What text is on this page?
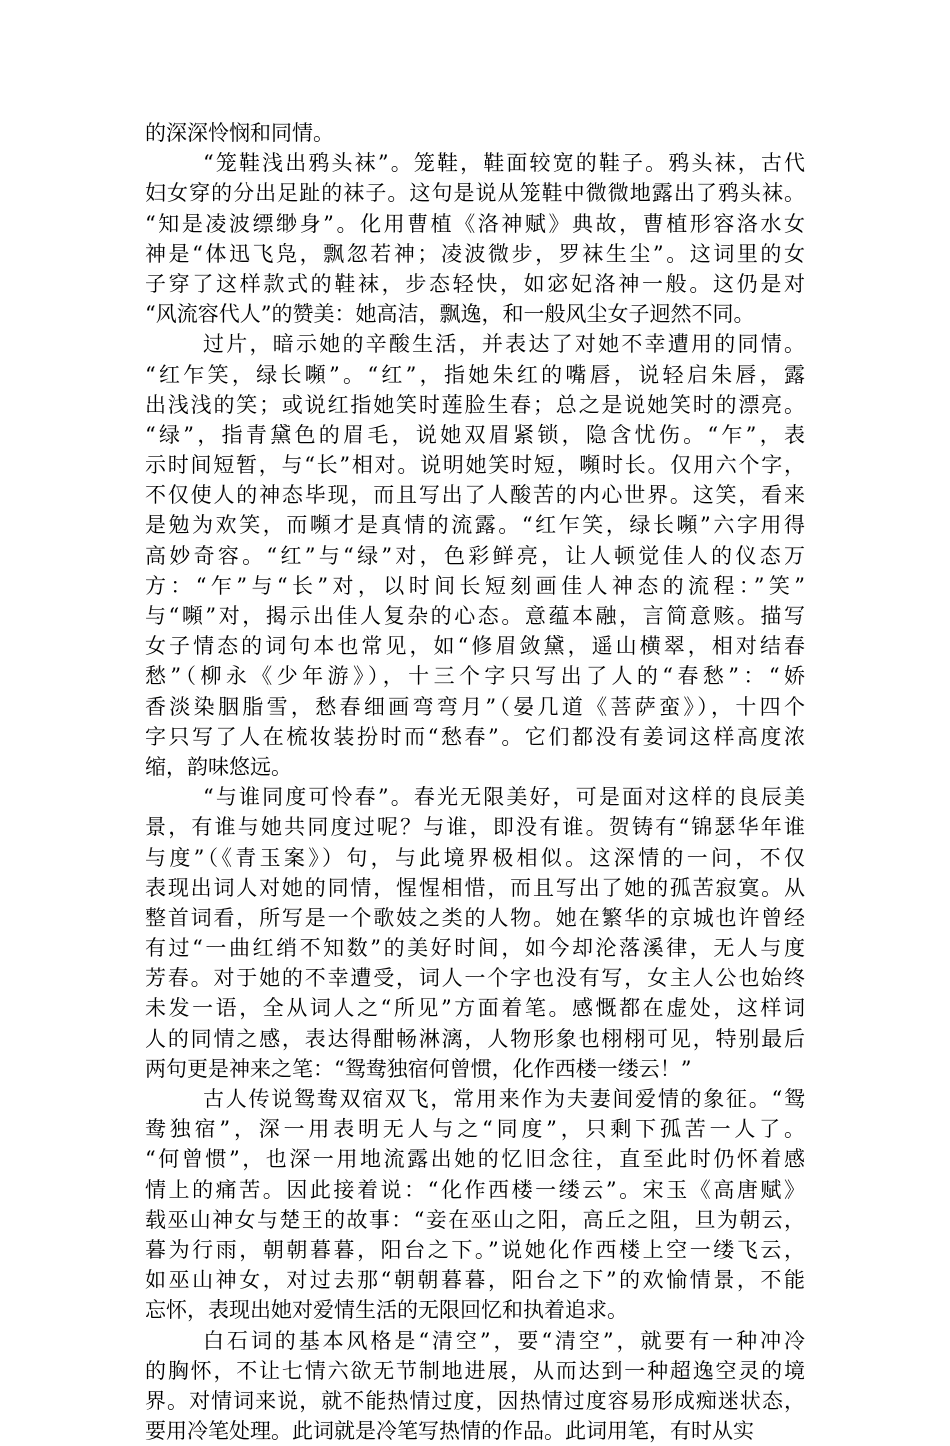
的深深怜悯和同情。
“笼鞋浅出鸦头袜”。笼鞋，鞋面较宽的鞋子。鸦头袜，古代
妇女穿的分出足趾的袜子。这句是说从笼鞋中微微地露出了鸦头袜。
“知是凌波缥缈身”。化用曹植《洛神赋》典故，曹植形容洛水女
神是“体迅飞凫，飘忽若神；凌波微步，罗袜生尘”。这词里的女
子穿了这样款式的鞋袜，步态轻快，如宓妃洛神一般。这仍是对
“风流容代人”的赞美：她高洁，飘逸，和一般风尘女子迥然不同。
过片，暗示她的辛酸生活，并表达了对她不幸遭用的同情。
“红乍笑，绿长嚬”。“红”，指她朱红的嘴唇，说轻启朱唇，露
出浅浅的笑；或说红指她笑时莲脸生春；总之是说她笑时的漂亮。
“绿”，指青黛色的眉毛，说她双眉紧锁，隐含忧伤。“乍”，表
示时间短暂，与“长”相对。说明她笑时短，嚬时长。仅用六个字，
不仅使人的神态毕现，而且写出了人酸苦的内心世界。这笑，看来
是勉为欢笑，而嚬才是真情的流露。“红乍笑，绿长嚬”六字用得
高妙奇容。“红”与“绿”对，色彩鲜亮，让人顿觉佳人的仪态万
方：“乍”与“长”对，以时间长短刻画佳人神态的流程：”笑”
与“嚬”对，揭示出佳人复杂的心态。意蕴本融，言简意赅。描写
女子情态的词句本也常见，如“修眉敛黛，遥山横翠，相对结春
愁”（柳永《少年游》），十三个字只写出了人的“春愁”：“娇
香淡染胭脂雪，愁春细画弯弯月”（晏几道《菩萨蛮》），十四个
字只写了人在梳妆装扮时而“愁春”。它们都没有姜词这样高度浓
缩，韵味悠远。
“与谁同度可怜春”。春光无限美好，可是面对这样的良辰美
景，有谁与她共同度过呢？与谁，即没有谁。贺铸有“锦瑟华年谁
与度”（《青玉案》）句，与此境界极相似。这深情的一问，不仅
表现出词人对她的同情，惺惺相惜，而且写出了她的孤苦寂寞。从
整首词看，所写是一个歌妓之类的人物。她在繁华的京城也许曾经
有过“一曲红绡不知数”的美好时间，如今却沦落溪律，无人与度
芳春。对于她的不幸遭受，词人一个字也没有写，女主人公也始终
未发一语，全从词人之“所见”方面着笔。感慨都在虚处，这样词
人的同情之感，表达得酣畅淋漓，人物形象也栩栩可见，特别最后
两句更是神来之笔：“鸳鸯独宿何曾惯，化作西楼一缕云！”
古人传说鸳鸯双宿双飞，常用来作为夫妻间爱情的象征。“鸳
鸯独宿”，深一用表明无人与之“同度”，只剩下孤苦一人了。
“何曾惯”，也深一用地流露出她的忆旧念往，直至此时仍怀着感
情上的痛苦。因此接着说：“化作西楼一缕云”。宋玉《高唐赋》
载巫山神女与楚王的故事：“妾在巫山之阳，高丘之阻，旦为朝云，
暮为行雨，朝朝暮暮，阳台之下。”说她化作西楼上空一缕飞云，
如巫山神女，对过去那“朝朝暮暮，阳台之下”的欢愉情景，不能
忘怀，表现出她对爱情生活的无限回忆和执着追求。
白石词的基本风格是“清空”，要“清空”，就要有一种冲冷
的胸怀，不让七情六欲无节制地进展，从而达到一种超逸空灵的境
界。对情词来说，就不能热情过度，因热情过度容易形成痴迷状态，
要用冷笔处理。此词就是冷笔写热情的作品。此词用笔，有时从实
